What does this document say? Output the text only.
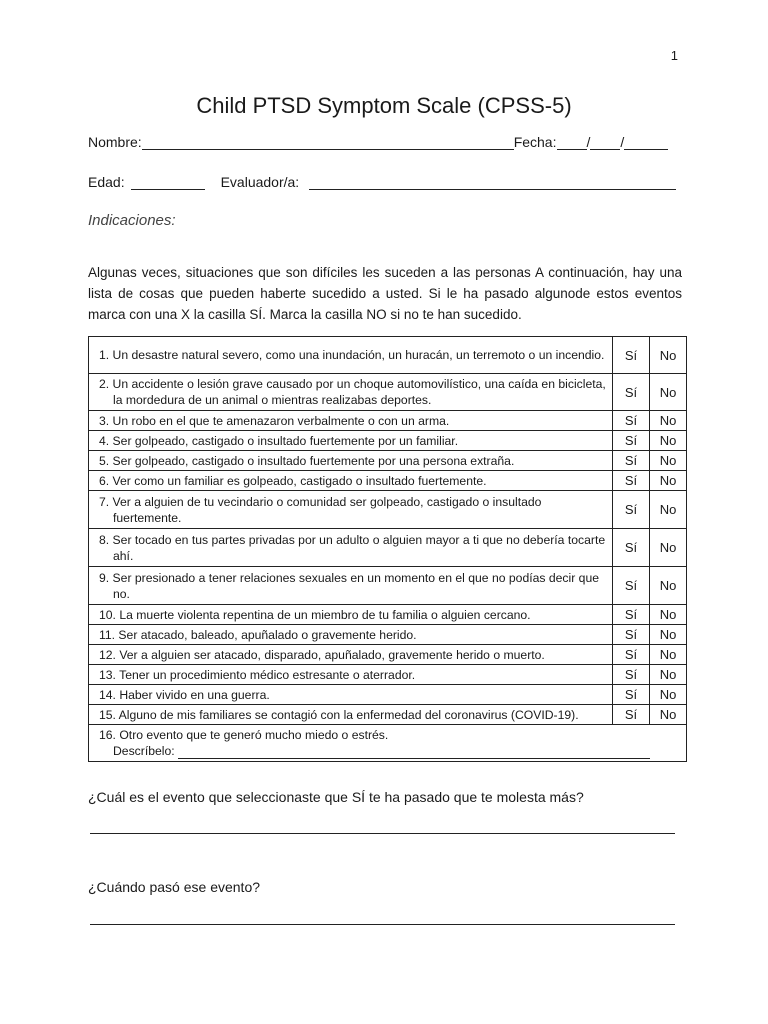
1
Child PTSD Symptom Scale (CPSS-5)
Nombre:	Fecha: / /
Edad:	Evaluador/a:
Indicaciones:
Algunas veces, situaciones que son difíciles les suceden a las personas A continuación, hay una lista de cosas que pueden haberte sucedido a usted. Si le ha pasado algunode estos eventos marca con una X la casilla SÍ. Marca la casilla NO si no te han sucedido.
1. Un desastre natural severo, como una inundación, un huracán, un terremoto o un incendio.	Sí	No

2. Un accidente o lesión grave causado por un choque automovilístico, una caída en bicicleta, la mordedura de un animal o mientras realizabas deportes.	Sí	No

3. Un robo en el que te amenazaron verbalmente o con un arma.	Sí	No

4. Ser golpeado, castigado o insultado fuertemente por un familiar.	Sí	No

5. Ser golpeado, castigado o insultado fuertemente por una persona extraña.	Sí	No

6. Ver como un familiar es golpeado, castigado o insultado fuertemente.	Sí	No

7. Ver a alguien de tu vecindario o comunidad ser golpeado, castigado o insultado fuertemente.	Sí	No

8. Ser tocado en tus partes privadas por un adulto o alguien mayor a ti que no debería tocarte ahí.	Sí	No

9. Ser presionado a tener relaciones sexuales en un momento en el que no podías decir que no.	Sí	No

10. La muerte violenta repentina de un miembro de tu familia o alguien cercano.	Sí	No

11. Ser atacado, baleado, apuñalado o gravemente herido.	Sí	No

12. Ver a alguien ser atacado, disparado, apuñalado, gravemente herido o muerto.	Sí	No

13. Tener un procedimiento médico estresante o aterrador.	Sí	No

14. Haber vivido en una guerra.	Sí	No

15. Alguno de mis familiares se contagió con la enfermedad del coronavirus (COVID-19).	Sí	No

16. Otro evento que te generó mucho miedo o estrés.
Descríbelo:		
¿Cuál es el evento que seleccionaste que SÍ te ha pasado que te molesta más?
¿Cuándo pasó ese evento?
